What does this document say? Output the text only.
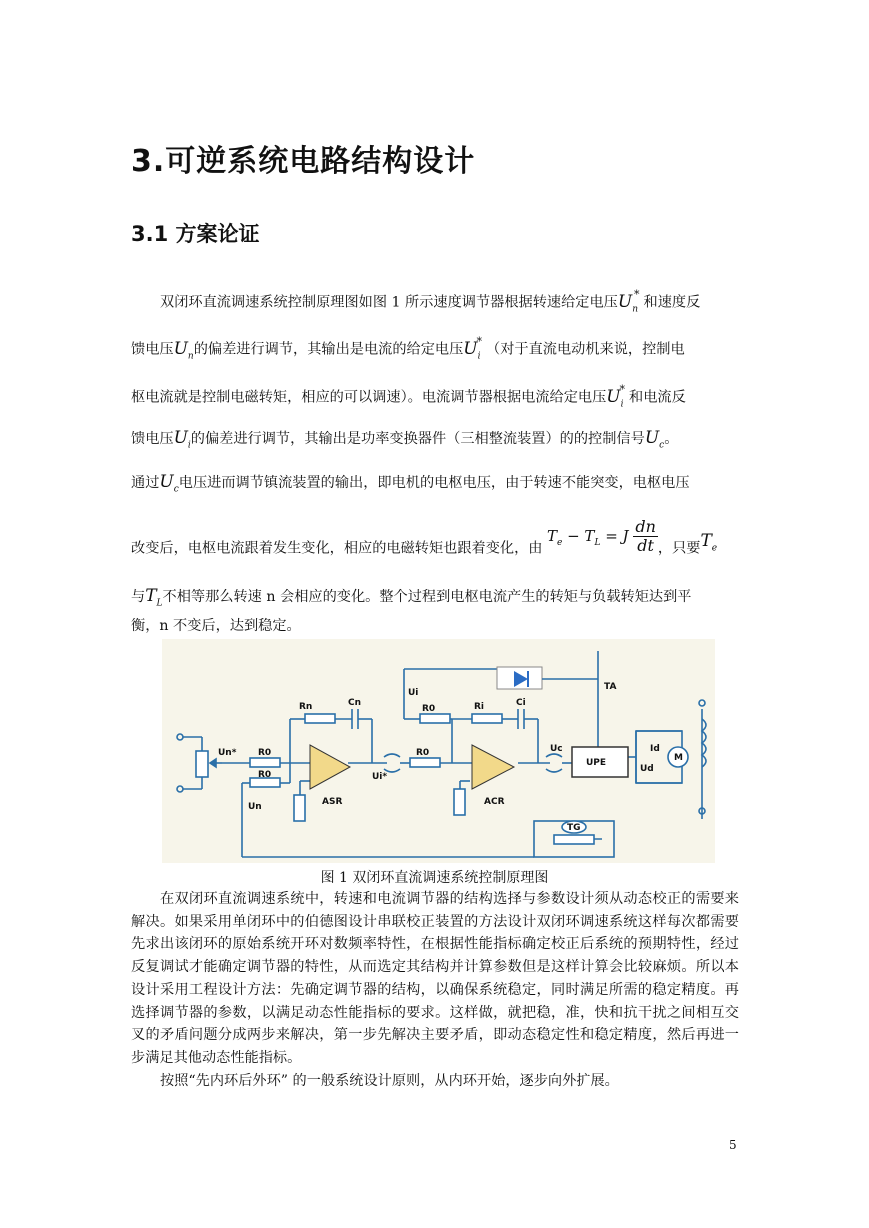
3.可逆系统电路结构设计
3.1 方案论证
双闭环直流调速系统控制原理图如图 1 所示速度调节器根据转速给定电压$U_n^*$和速度反
馈电压$U_n$的偏差进行调节，其输出是电流的给定电压$U_i^*$（对于直流电动机来说，控制电
枢电流就是控制电磁转矩，相应的可以调速）。电流调节器根据电流给定电压$U_i^*$和电流反
馈电压$U_i$的偏差进行调节，其输出是功率变换器件（三相整流装置）的的控制信号$U_c$。
通过$U_c$电压进而调节镇流装置的输出，即电机的电枢电压，由于转速不能突变，电枢电压
改变后，电枢电流跟着发生变化，相应的电磁转矩也跟着变化，由 $T_e - T_L = J \frac{dn}{dt}$ ，只要$T_e$
与$T_L$不相等那么转速 n 会相应的变化。整个过程到电枢电流产生的转矩与负载转矩达到平
衡，n 不变后，达到稳定。
Rn	Cn	Ri	Ci
Ui
R0
R0
R0
R0
Un*
Ui*
Un	ASR	ACR
Uc
UPE
TA
Id
Ud
M
TG
图 1 双闭环直流调速系统控制原理图

在双闭环直流调速系统中，转速和电流调节器的结构选择与参数设计须从动态校正的需要来解决。如果采用单闭环中的伯德图设计串联校正装置的方法设计双闭环调速系统这样每次都需要先求出该闭环的原始系统开环对数频率特性，在根据性能指标确定校正后系统的预期特性，经过反复调试才能确定调节器的特性，从而选定其结构并计算参数但是这样计算会比较麻烦。所以本设计采用工程设计方法：先确定调节器的结构，以确保系统稳定，同时满足所需的稳定精度。再选择调节器的参数，以满足动态性能指标的要求。这样做，就把稳，准，快和抗干扰之间相互交叉的矛盾问题分成两步来解决，第一步先解决主要矛盾，即动态稳定性和稳定精度，然后再进一步满足其他动态性能指标。

按照“先内环后外环” 的一般系统设计原则，从内环开始，逐步向外扩展。

5
